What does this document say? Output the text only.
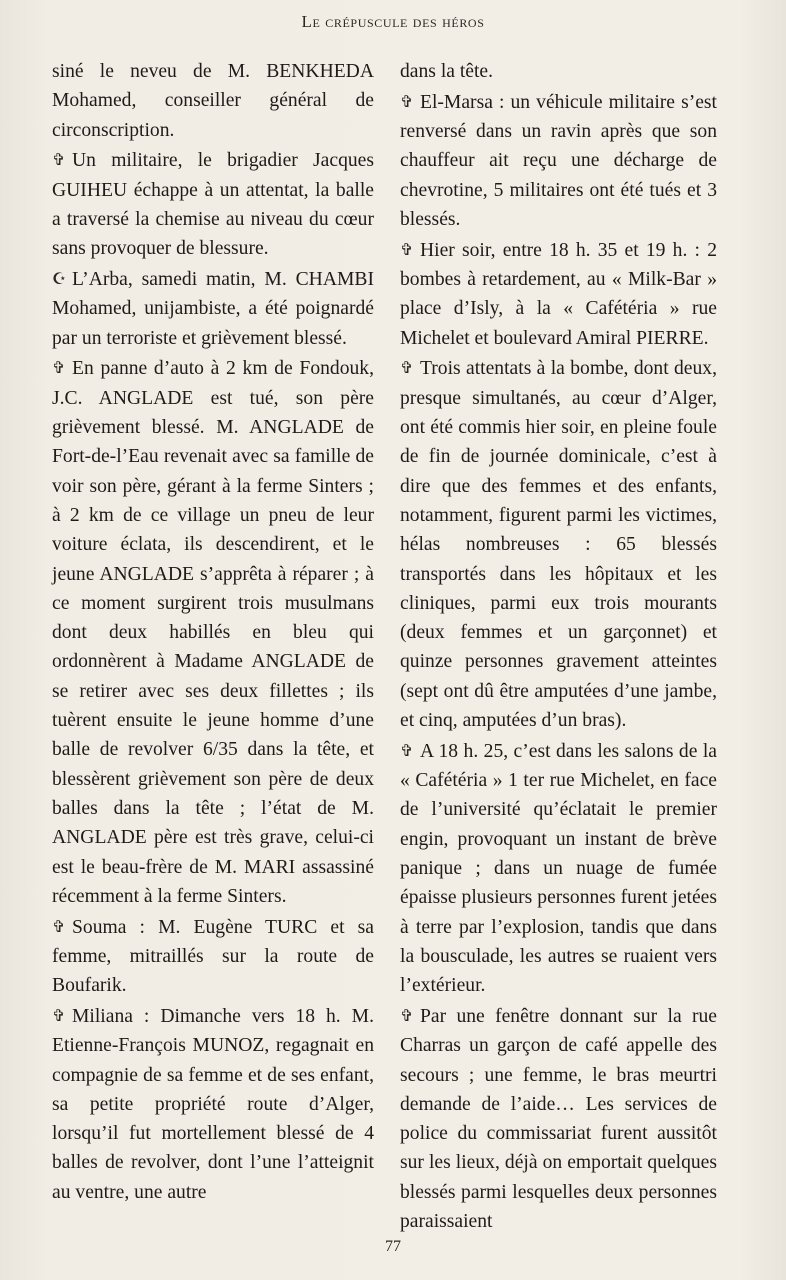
Le crépuscule des héros

siné le neveu de M. BENKHEDA Mohamed, conseiller général de circonscription.

✞ Un militaire, le brigadier Jacques GUIHEU échappe à un attentat, la balle a traversé la chemise au niveau du cœur sans provoquer de blessure.

☪ L’Arba, samedi matin, M. CHAMBI Mohamed, unijambiste, a été poignardé par un terroriste et grièvement blessé.

✞ En panne d’auto à 2 km de Fondouk, J.C. ANGLADE est tué, son père grièvement blessé. M. ANGLADE de Fort-de-l’Eau revenait avec sa famille de voir son père, gérant à la ferme Sinters ; à 2 km de ce village un pneu de leur voiture éclata, ils descendirent, et le jeune ANGLADE s’apprêta à réparer ; à ce moment surgirent trois musulmans dont deux habillés en bleu qui ordonnèrent à Madame ANGLADE de se retirer avec ses deux fillettes ; ils tuèrent ensuite le jeune homme d’une balle de revolver 6/35 dans la tête, et blessèrent grièvement son père de deux balles dans la tête ; l’état de M. ANGLADE père est très grave, celui-ci est le beau-frère de M. MARI assassiné récemment à la ferme Sinters.

✞ Souma : M. Eugène TURC et sa femme, mitraillés sur la route de Boufarik.

✞ Miliana : Dimanche vers 18 h. M. Etienne-François MUNOZ, regagnait en compagnie de sa femme et de ses enfant, sa petite propriété route d’Alger, lorsqu’il fut mortellement blessé de 4 balles de revolver, dont l’une l’atteignit au ventre, une autre

dans la tête.

✞ El-Marsa : un véhicule militaire s’est renversé dans un ravin après que son chauffeur ait reçu une décharge de chevrotine, 5 militaires ont été tués et 3 blessés.

✞ Hier soir, entre 18 h. 35 et 19 h. : 2 bombes à retardement, au « Milk-Bar » place d’Isly, à la « Cafétéria » rue Michelet et boulevard Amiral PIERRE.

✞ Trois attentats à la bombe, dont deux, presque simultanés, au cœur d’Alger, ont été commis hier soir, en pleine foule de fin de journée dominicale, c’est à dire que des femmes et des enfants, notamment, figurent parmi les victimes, hélas nombreuses : 65 blessés transportés dans les hôpitaux et les cliniques, parmi eux trois mourants (deux femmes et un garçonnet) et quinze personnes gravement atteintes (sept ont dû être amputées d’une jambe, et cinq, amputées d’un bras).

✞ A 18 h. 25, c’est dans les salons de la « Cafétéria » 1 ter rue Michelet, en face de l’université qu’éclatait le premier engin, provoquant un instant de brève panique ; dans un nuage de fumée épaisse plusieurs personnes furent jetées à terre par l’explosion, tandis que dans la bousculade, les autres se ruaient vers l’extérieur.

✞ Par une fenêtre donnant sur la rue Charras un garçon de café appelle des secours ; une femme, le bras meurtri demande de l’aide… Les services de police du commissariat furent aussitôt sur les lieux, déjà on emportait quelques blessés parmi lesquelles deux personnes paraissaient

77
